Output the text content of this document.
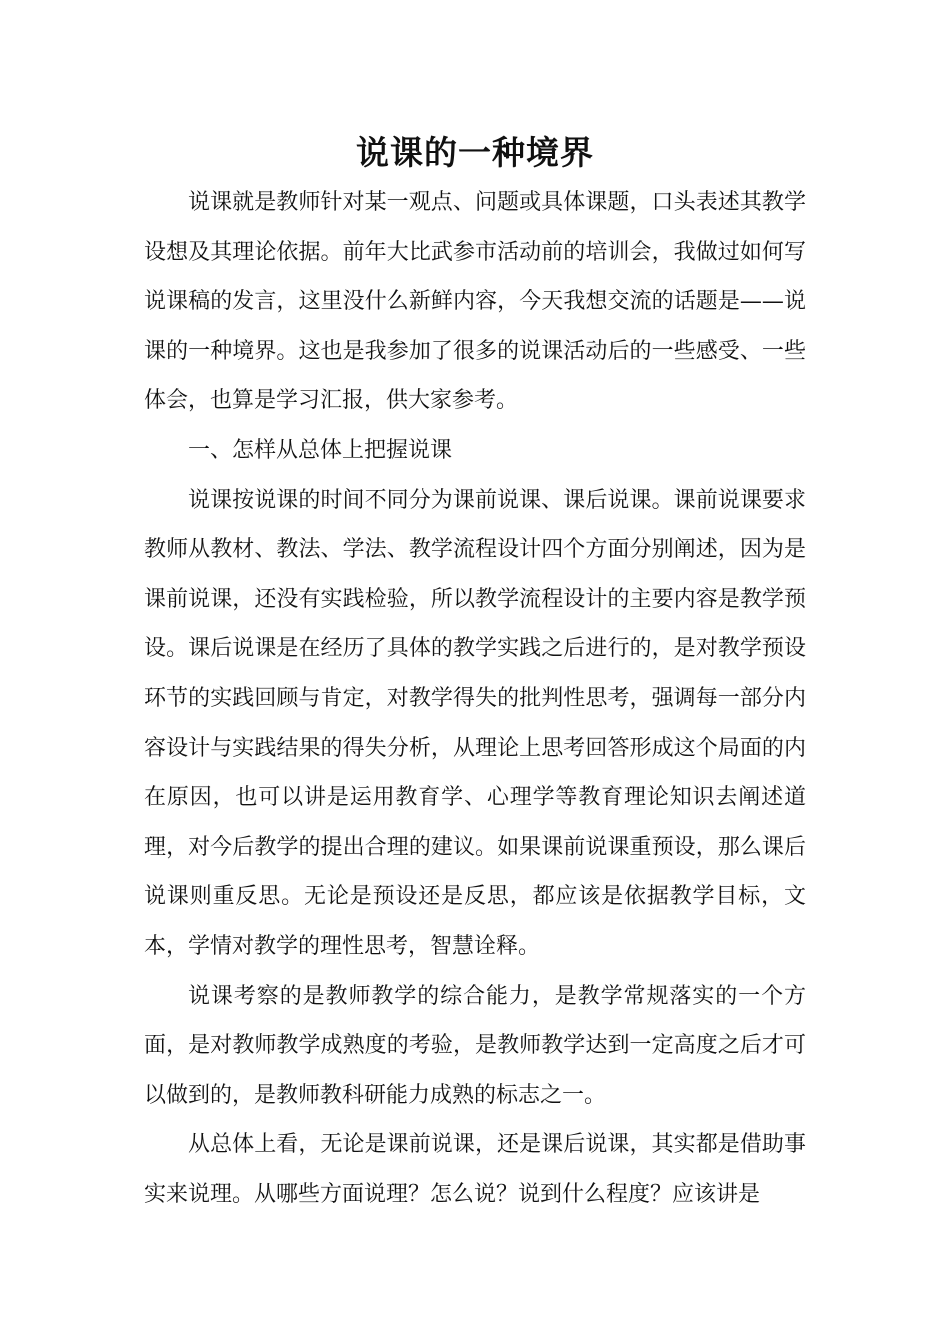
说课的一种境界

说课就是教师针对某一观点、问题或具体课题，口头表述其教学设想及其理论依据。前年大比武参市活动前的培训会，我做过如何写说课稿的发言，这里没什么新鲜内容，今天我想交流的话题是——说课的一种境界。这也是我参加了很多的说课活动后的一些感受、一些体会，也算是学习汇报，供大家参考。

一、怎样从总体上把握说课

说课按说课的时间不同分为课前说课、课后说课。课前说课要求教师从教材、教法、学法、教学流程设计四个方面分别阐述，因为是课前说课，还没有实践检验，所以教学流程设计的主要内容是教学预设。课后说课是在经历了具体的教学实践之后进行的，是对教学预设环节的实践回顾与肯定，对教学得失的批判性思考，强调每一部分内容设计与实践结果的得失分析，从理论上思考回答形成这个局面的内在原因，也可以讲是运用教育学、心理学等教育理论知识去阐述道理，对今后教学的提出合理的建议。如果课前说课重预设，那么课后说课则重反思。无论是预设还是反思，都应该是依据教学目标，文本，学情对教学的理性思考，智慧诠释。

说课考察的是教师教学的综合能力，是教学常规落实的一个方面，是对教师教学成熟度的考验，是教师教学达到一定高度之后才可以做到的，是教师教科研能力成熟的标志之一。

从总体上看，无论是课前说课，还是课后说课，其实都是借助事实来说理。从哪些方面说理？怎么说？说到什么程度？应该讲是
